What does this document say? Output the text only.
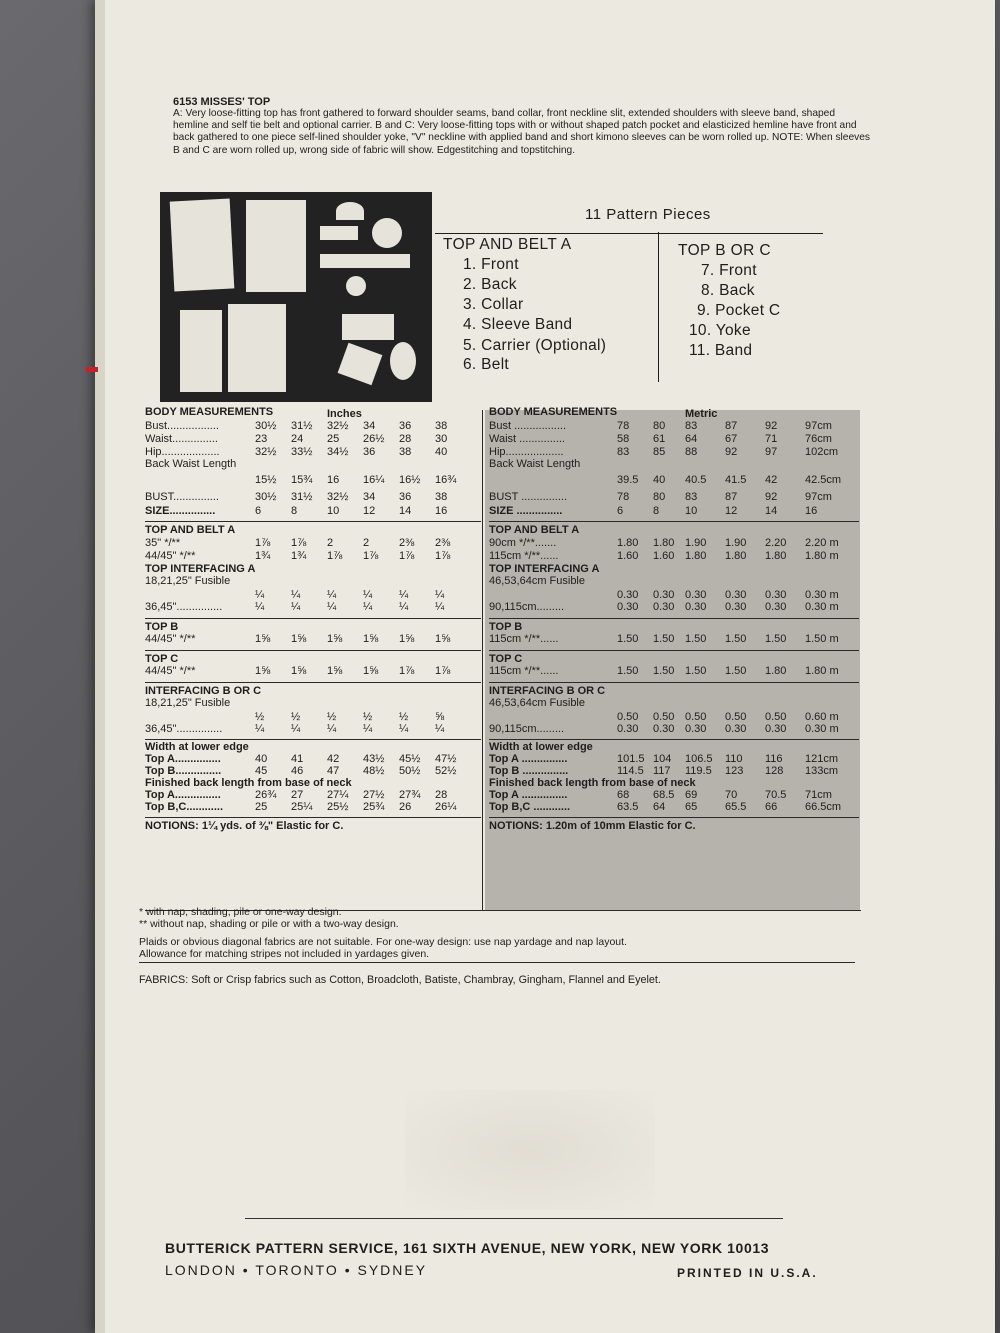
6153 MISSES' TOP
A: Very loose-fitting top has front gathered to forward shoulder seams, band collar, front neckline slit, extended shoulders with sleeve band, shaped hemline and self tie belt and optional carrier. B and C: Very loose-fitting tops with or without shaped patch pocket and elasticized hemline have front and back gathered to one piece self-lined shoulder yoke, "V" neckline with applied band and short kimono sleeves can be worn rolled up. NOTE: When sleeves B and C are worn rolled up, wrong side of fabric will show. Edgestitching and topstitching.
11 Pattern Pieces
TOP AND BELT A
1. Front
2. Back
3. Collar
4. Sleeve Band
5. Carrier (Optional)
6. Belt
TOP B OR C
7. Front
8. Back
9. Pocket C
10. Yoke
11. Band
BODY MEASUREMENTS	Inches
Bust.................	30½ 31½ 32½ 34 36 38
Waist...............	23 24 25 26½ 28 30
Hip...................	32½ 33½ 34½ 36 38 40
Back Waist Length
15½ 15¾ 16 16¼ 16½ 16¾
BUST...............	30½ 31½ 32½ 34 36 38
SIZE...............	6	8	10 12 14 16
TOP AND BELT A
35" */**	1⅞ 1⅞ 2	2	2⅜ 2⅜
44/45" */**	1¾ 1¾ 1⅞ 1⅞ 1⅞ 1⅞
TOP INTERFACING A
18,21,25" Fusible
¼ ¼ ¼ ¼ ¼ ¼
36,45"...............	¼ ¼ ¼ ¼ ¼ ¼
TOP B
44/45" */**	1⅝ 1⅝ 1⅝ 1⅝ 1⅝ 1⅝
TOP C
44/45" */**	1⅝ 1⅝ 1⅝ 1⅝ 1⅞ 1⅞
INTERFACING B OR C
18,21,25" Fusible
½ ½ ½ ½ ½ ⅝
36,45"...............	¼ ¼ ¼ ¼ ¼ ¼
Width at lower edge
Top A...............	40 41 42 43½ 45½ 47½
Top B...............	45 46 47 48½ 50½ 52½
Finished back length from base of neck
Top A...............	26¾ 27 27¼ 27½ 27¾ 28
Top B,C............	25 25¼ 25½ 25¾ 26 26¼
NOTIONS: 1¼ yds. of ⅜" Elastic for C.
BODY MEASUREMENTS	Metric
Bust .................	78 80 83	87	92	97cm
Waist ...............	58 61 64	67	71	76cm
Hip...................	83 85 88	92	97	102cm
Back Waist Length
39.5 40 40.5 41.5 42	42.5cm
BUST ...............	78 80 83	87	92	97cm
SIZE ...............	6	8 10	12	14	16
TOP AND BELT A
90cm */**.......	1.80 1.80 1.90 1.90 2.20 2.20 m
115cm */**......	1.60 1.60 1.80 1.80 1.80 1.80 m
TOP INTERFACING A
46,53,64cm Fusible
0.30 0.30 0.30 0.30 0.30 0.30 m
90,115cm.........	0.30 0.30 0.30 0.30 0.30 0.30 m
TOP B
115cm */**......	1.50 1.50 1.50 1.50 1.50 1.50 m
TOP C
115cm */**......	1.50 1.50 1.50 1.50 1.80 1.80 m
INTERFACING B OR C
46,53,64cm Fusible
0.50 0.50 0.50 0.50 0.50 0.60 m
90,115cm.........	0.30 0.30 0.30 0.30 0.30 0.30 m
Width at lower edge
Top A ...............	101.5 104 106.5 110 116 121cm
Top B ...............	114.5 117 119.5 123 128 133cm
Finished back length from base of neck
Top A ...............	68 68.5 69	70	70.5 71cm
Top B,C ............	63.5 64 65	65.5 66	66.5cm
NOTIONS: 1.20m of 10mm Elastic for C.
* with nap, shading, pile or one-way design.
** without nap, shading or pile or with a two-way design.
Plaids or obvious diagonal fabrics are not suitable. For one-way design: use nap yardage and nap layout.
Allowance for matching stripes not included in yardages given.
FABRICS: Soft or Crisp fabrics such as Cotton, Broadcloth, Batiste, Chambray, Gingham, Flannel and Eyelet.
BUTTERICK PATTERN SERVICE, 161 SIXTH AVENUE, NEW YORK, NEW YORK 10013
LONDON • TORONTO • SYDNEY	PRINTED IN U.S.A.
